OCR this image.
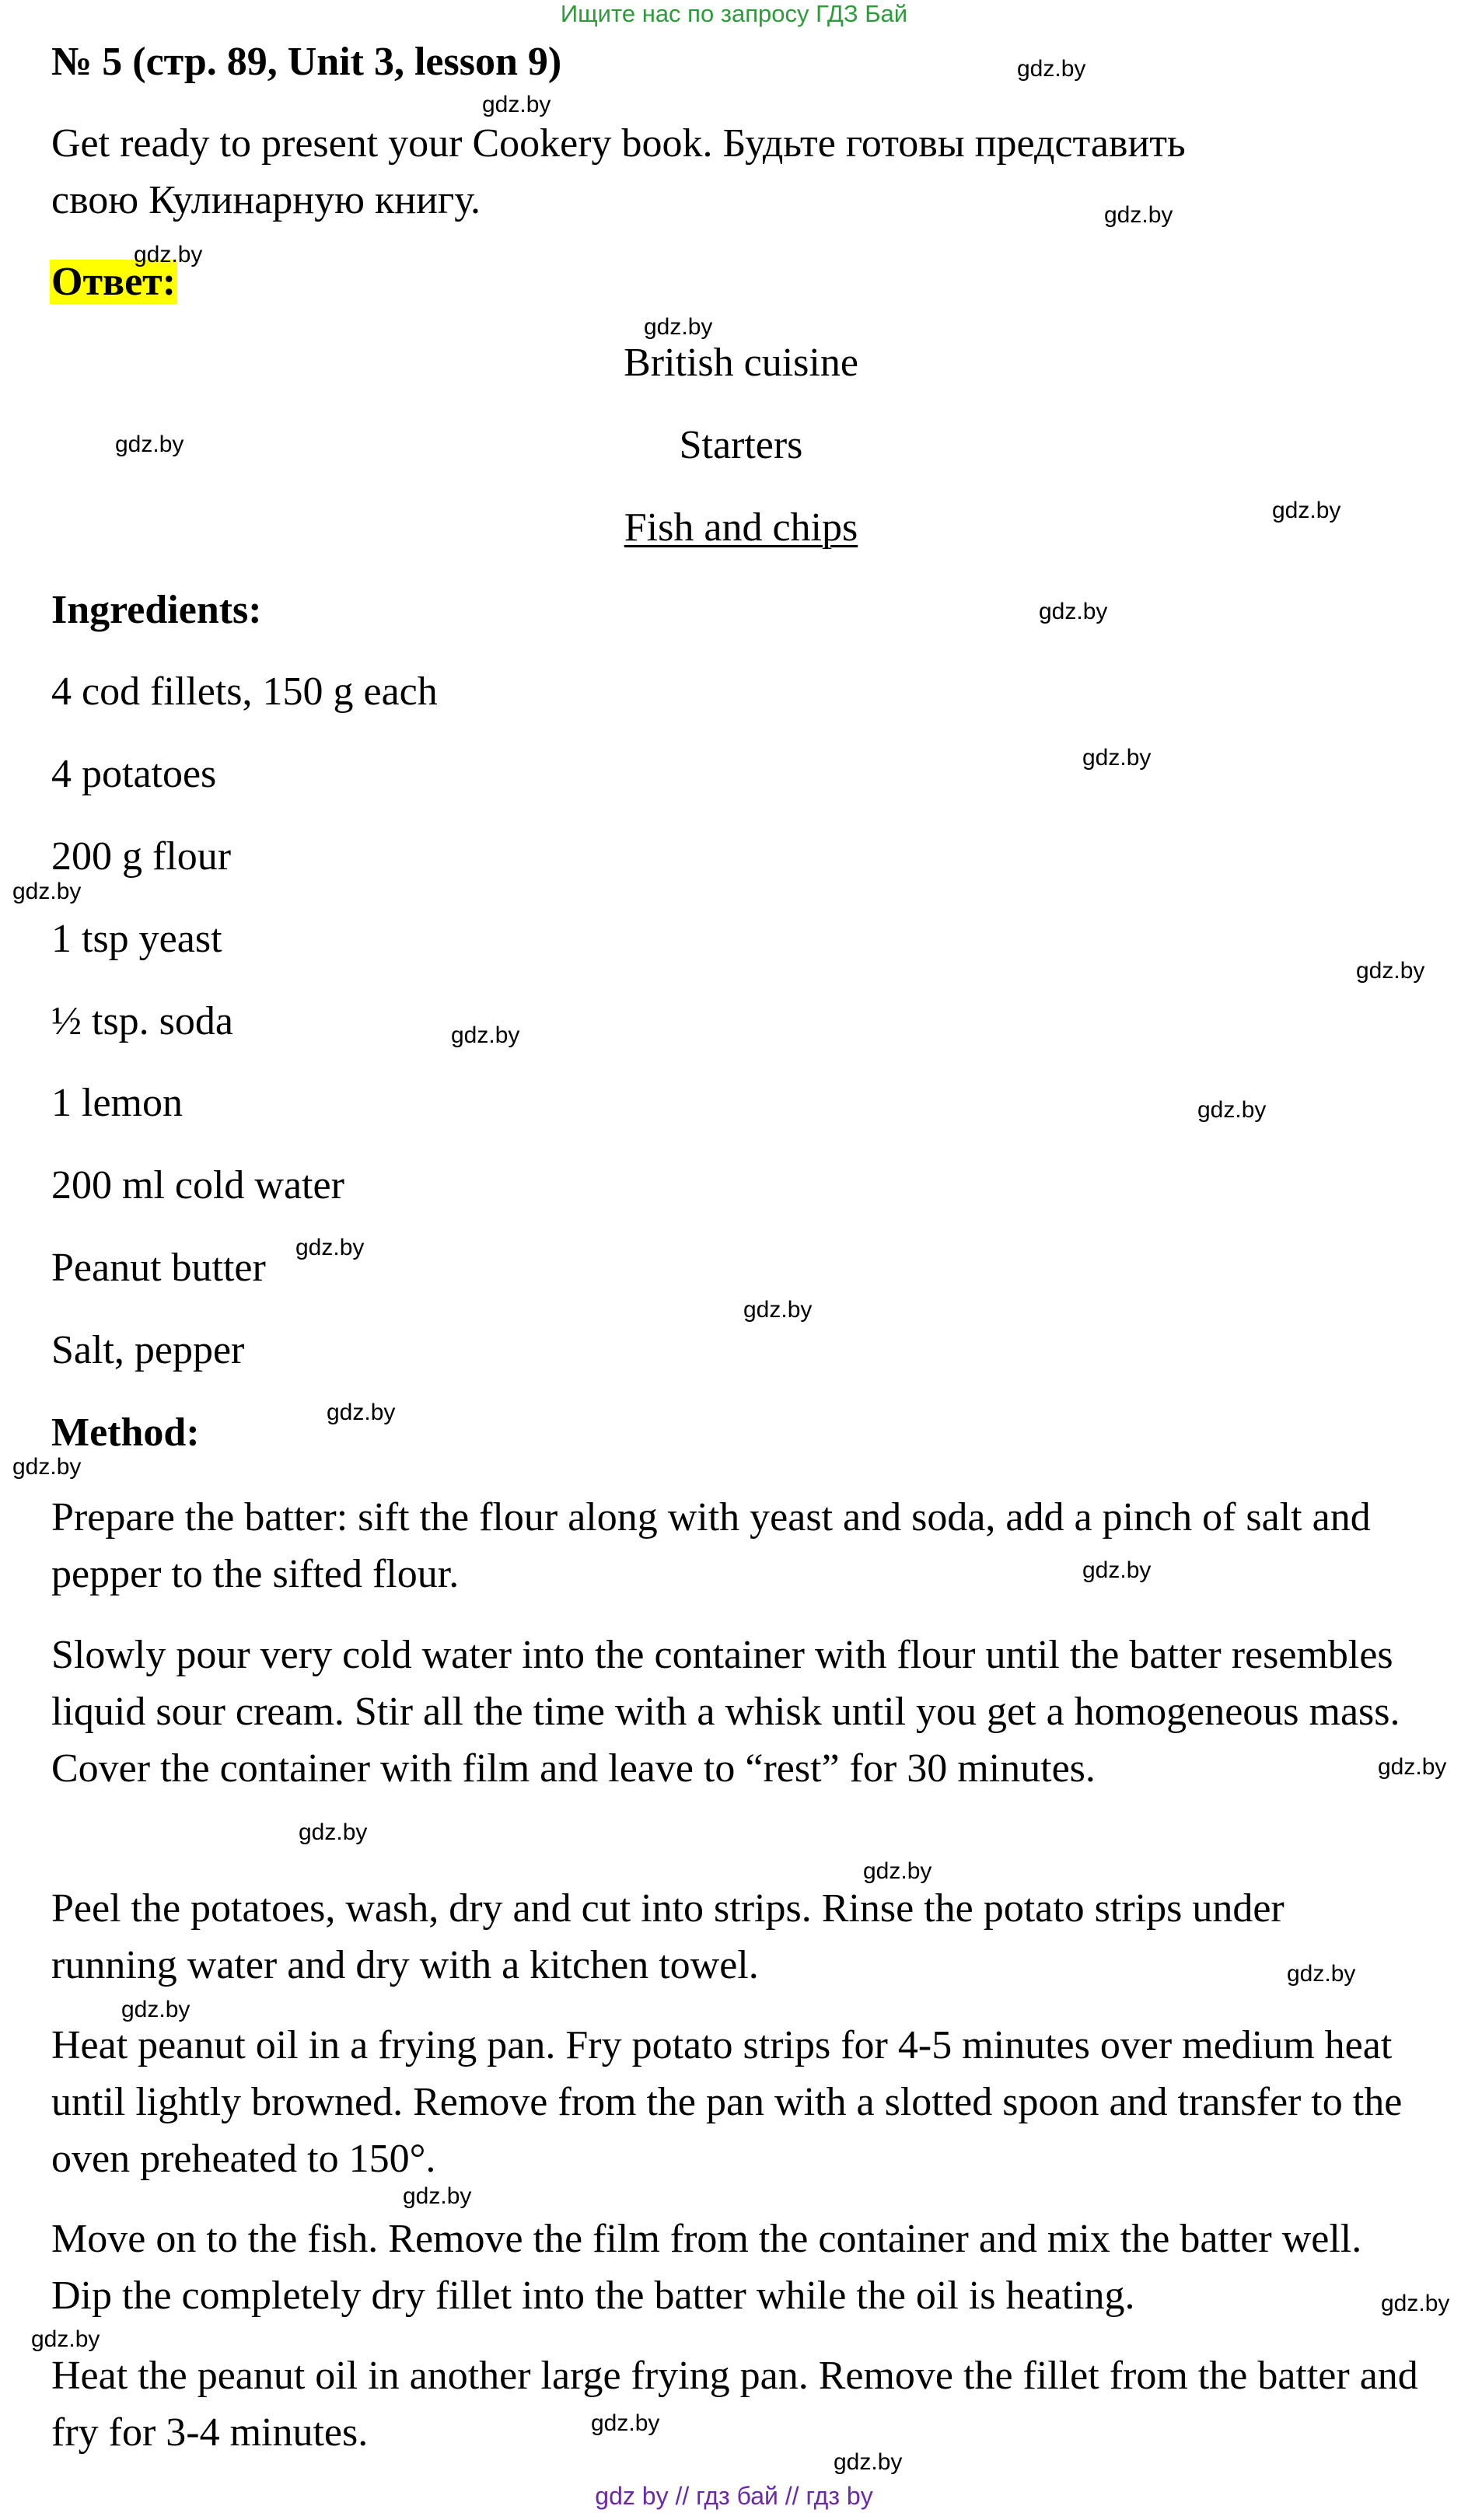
Ищите нас по запросу ГДЗ Бай
№ 5 (стр. 89, Unit 3, lesson 9)
Get ready to present your Cookery book. Будьте готовы представить
свою Кулинарную книгу.
Ответ:
British cuisine
Starters
Fish and chips
Ingredients:
4 cod fillets, 150 g each
4 potatoes
200 g flour
1 tsp yeast
½ tsp. soda
1 lemon
200 ml cold water
Peanut butter
Salt, pepper
Method:
Prepare the batter: sift the flour along with yeast and soda, add a pinch of salt and pepper to the sifted flour.
Slowly pour very cold water into the container with flour until the batter resembles liquid sour cream. Stir all the time with a whisk until you get a homogeneous mass. Cover the container with film and leave to “rest” for 30 minutes.
Peel the potatoes, wash, dry and cut into strips. Rinse the potato strips under running water and dry with a kitchen towel.
Heat peanut oil in a frying pan. Fry potato strips for 4-5 minutes over medium heat until lightly browned. Remove from the pan with a slotted spoon and transfer to the oven preheated to 150°.
Move on to the fish. Remove the film from the container and mix the batter well. Dip the completely dry fillet into the batter while the oil is heating.
Heat the peanut oil in another large frying pan. Remove the fillet from the batter and fry for 3-4 minutes.
gdz.by
gdz.by
gdz.by
gdz.by
gdz.by
gdz.by
gdz.by
gdz.by
gdz.by
gdz.by
gdz.by
gdz.by
gdz.by
gdz.by
gdz.by
gdz.by
gdz.by
gdz.by
gdz.by
gdz.by
gdz.by
gdz.by
gdz.by
gdz.by
gdz.by
gdz.by
gdz.by
gdz.by
gdz by // гдз бай // гдз by
